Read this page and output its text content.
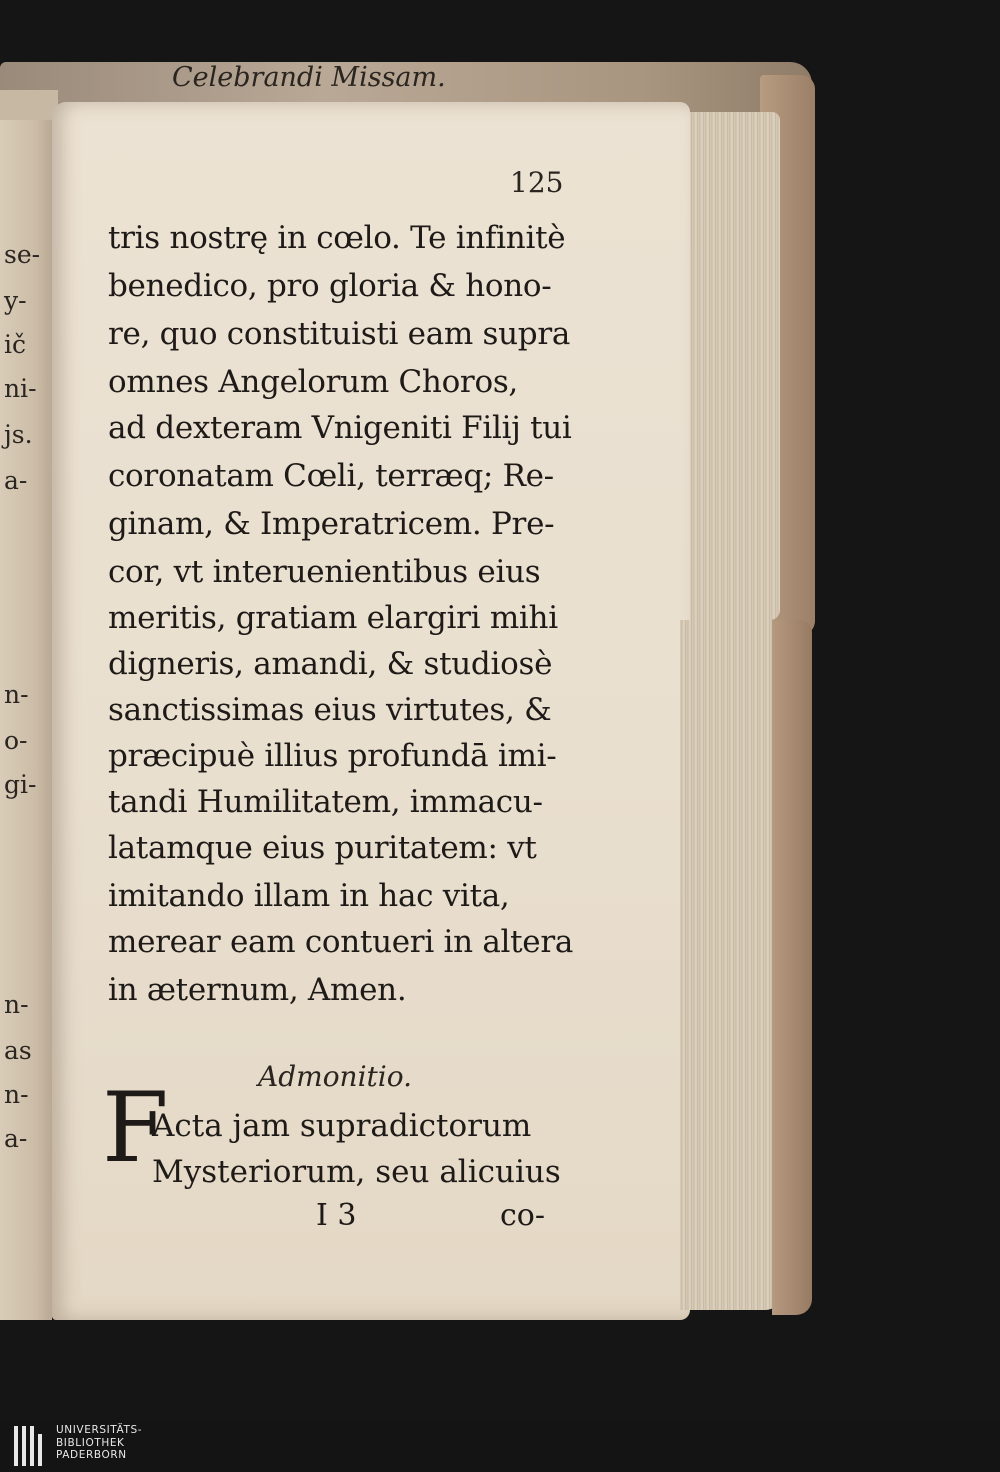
se-
y-
ič
ni-
js.
a-
n-
o-
gi-
n-
as
n-
a-
Celebrandi Missam.
125
tris nostrę in cœlo. Te infinitè
benedico, pro gloria & hono-
re, quo constituisti eam supra
omnes Angelorum Choros,
ad dexteram Vnigeniti Filij tui
coronatam Cœli, terræq; Re-
ginam, & Imperatricem. Pre-
cor, vt interuenientibus eius
meritis, gratiam elargiri mihi
digneris, amandi, & studiosè
sanctissimas eius virtutes, &
præcipuè illius profundā imi-
tandi Humilitatem, immacu-
latamque eius puritatem: vt
imitando illam in hac vita,
merear eam contueri in altera
in æternum, Amen.
Admonitio.
F
Acta jam supradictorum
Mysteriorum, seu alicuius
I 3	co-
UNIVERSITÄTS-
BIBLIOTHEK
PADERBORN
